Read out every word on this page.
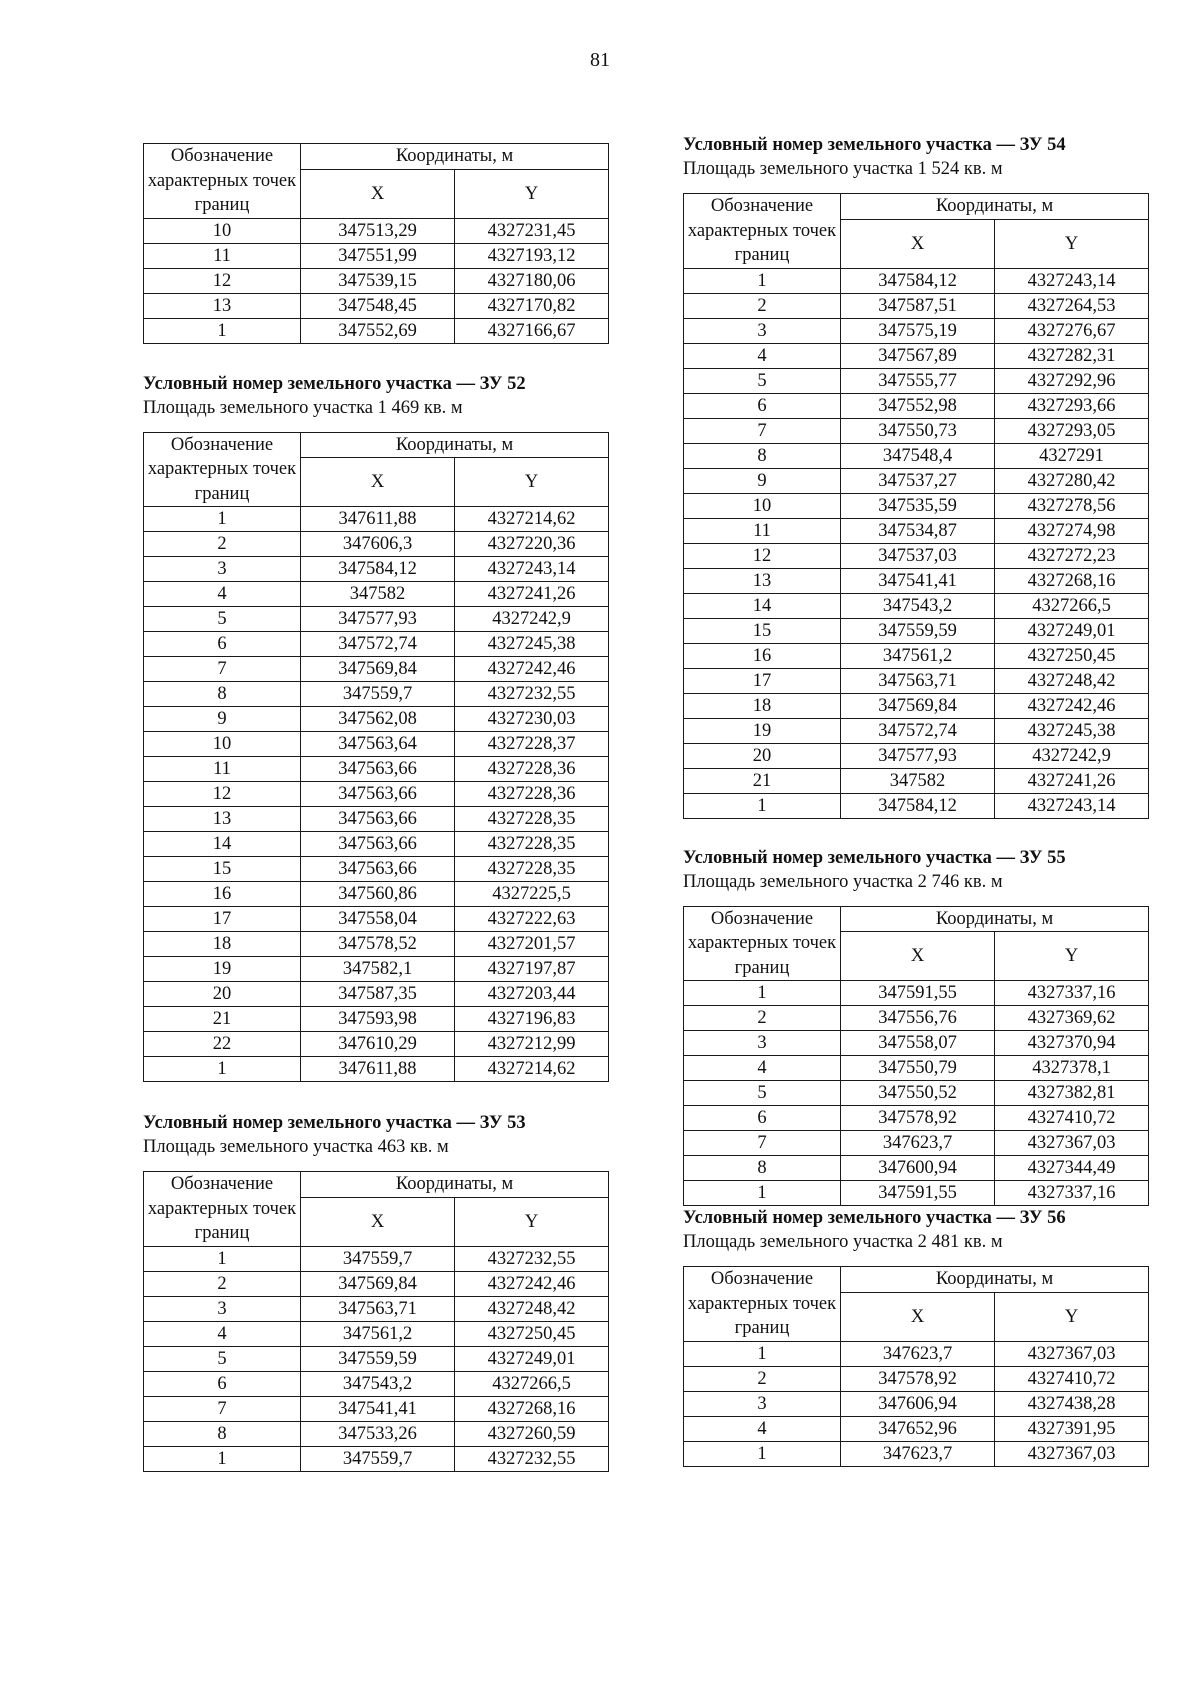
81
Обозначение характерных точек границ	Координаты, м	
	X	Y
10	347513,29	4327231,45
11	347551,99	4327193,12
12	347539,15	4327180,06
13	347548,45	4327170,82
1	347552,69	4327166,67
Условный номер земельного участка — ЗУ 52
Площадь земельного участка 1 469 кв. м
Обозначение характерных точек границ	Координаты, м	
	X	Y
1	347611,88	4327214,62
2	347606,3	4327220,36
3	347584,12	4327243,14
4	347582	4327241,26
5	347577,93	4327242,9
6	347572,74	4327245,38
7	347569,84	4327242,46
8	347559,7	4327232,55
9	347562,08	4327230,03
10	347563,64	4327228,37
11	347563,66	4327228,36
12	347563,66	4327228,36
13	347563,66	4327228,35
14	347563,66	4327228,35
15	347563,66	4327228,35
16	347560,86	4327225,5
17	347558,04	4327222,63
18	347578,52	4327201,57
19	347582,1	4327197,87
20	347587,35	4327203,44
21	347593,98	4327196,83
22	347610,29	4327212,99
1	347611,88	4327214,62
Условный номер земельного участка — ЗУ 53
Площадь земельного участка 463 кв. м
Обозначение характерных точек границ	Координаты, м	
	X	Y
1	347559,7	4327232,55
2	347569,84	4327242,46
3	347563,71	4327248,42
4	347561,2	4327250,45
5	347559,59	4327249,01
6	347543,2	4327266,5
7	347541,41	4327268,16
8	347533,26	4327260,59
1	347559,7	4327232,55
Условный номер земельного участка — ЗУ 54
Площадь земельного участка 1 524 кв. м
Обозначение характерных точек границ	Координаты, м	
	X	Y
1	347584,12	4327243,14
2	347587,51	4327264,53
3	347575,19	4327276,67
4	347567,89	4327282,31
5	347555,77	4327292,96
6	347552,98	4327293,66
7	347550,73	4327293,05
8	347548,4	4327291
9	347537,27	4327280,42
10	347535,59	4327278,56
11	347534,87	4327274,98
12	347537,03	4327272,23
13	347541,41	4327268,16
14	347543,2	4327266,5
15	347559,59	4327249,01
16	347561,2	4327250,45
17	347563,71	4327248,42
18	347569,84	4327242,46
19	347572,74	4327245,38
20	347577,93	4327242,9
21	347582	4327241,26
1	347584,12	4327243,14
Условный номер земельного участка — ЗУ 55
Площадь земельного участка 2 746 кв. м
Обозначение характерных точек границ	Координаты, м	
	X	Y
1	347591,55	4327337,16
2	347556,76	4327369,62
3	347558,07	4327370,94
4	347550,79	4327378,1
5	347550,52	4327382,81
6	347578,92	4327410,72
7	347623,7	4327367,03
8	347600,94	4327344,49
1	347591,55	4327337,16
Условный номер земельного участка — ЗУ 56
Площадь земельного участка 2 481 кв. м
Обозначение характерных точек границ	Координаты, м	
	X	Y
1	347623,7	4327367,03
2	347578,92	4327410,72
3	347606,94	4327438,28
4	347652,96	4327391,95
1	347623,7	4327367,03
